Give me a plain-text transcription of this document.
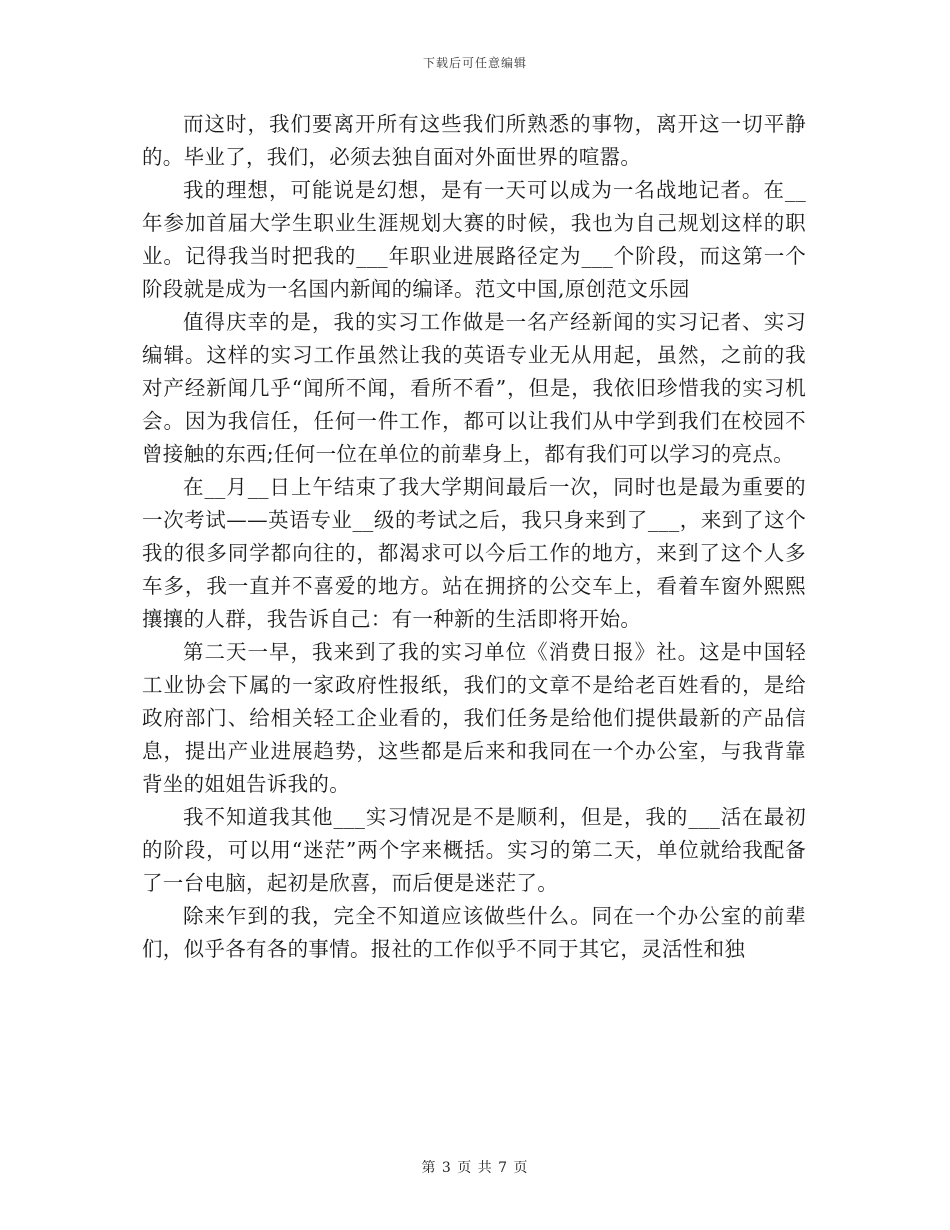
下载后可任意编辑

而这时，我们要离开所有这些我们所熟悉的事物，离开这一切平静的。毕业了，我们，必须去独自面对外面世界的喧嚣。

我的理想，可能说是幻想，是有一天可以成为一名战地记者。在__年参加首届大学生职业生涯规划大赛的时候，我也为自己规划这样的职业。记得我当时把我的___年职业进展路径定为___个阶段，而这第一个阶段就是成为一名国内新闻的编译。范文中国,原创范文乐园

值得庆幸的是，我的实习工作做是一名产经新闻的实习记者、实习编辑。这样的实习工作虽然让我的英语专业无从用起，虽然，之前的我对产经新闻几乎“闻所不闻，看所不看”，但是，我依旧珍惜我的实习机会。因为我信任，任何一件工作，都可以让我们从中学到我们在校园不曾接触的东西;任何一位在单位的前辈身上，都有我们可以学习的亮点。

在__月__日上午结束了我大学期间最后一次，同时也是最为重要的一次考试——英语专业__级的考试之后，我只身来到了___，来到了这个我的很多同学都向往的，都渴求可以今后工作的地方，来到了这个人多车多，我一直并不喜爱的地方。站在拥挤的公交车上，看着车窗外熙熙攘攘的人群，我告诉自己：有一种新的生活即将开始。

第二天一早，我来到了我的实习单位《消费日报》社。这是中国轻工业协会下属的一家政府性报纸，我们的文章不是给老百姓看的，是给政府部门、给相关轻工企业看的，我们任务是给他们提供最新的产品信息，提出产业进展趋势，这些都是后来和我同在一个办公室，与我背靠背坐的姐姐告诉我的。

我不知道我其他___实习情况是不是顺利，但是，我的___活在最初的阶段，可以用“迷茫”两个字来概括。实习的第二天，单位就给我配备了一台电脑，起初是欣喜，而后便是迷茫了。

除来乍到的我，完全不知道应该做些什么。同在一个办公室的前辈们，似乎各有各的事情。报社的工作似乎不同于其它，灵活性和独

第 3 页 共 7 页
